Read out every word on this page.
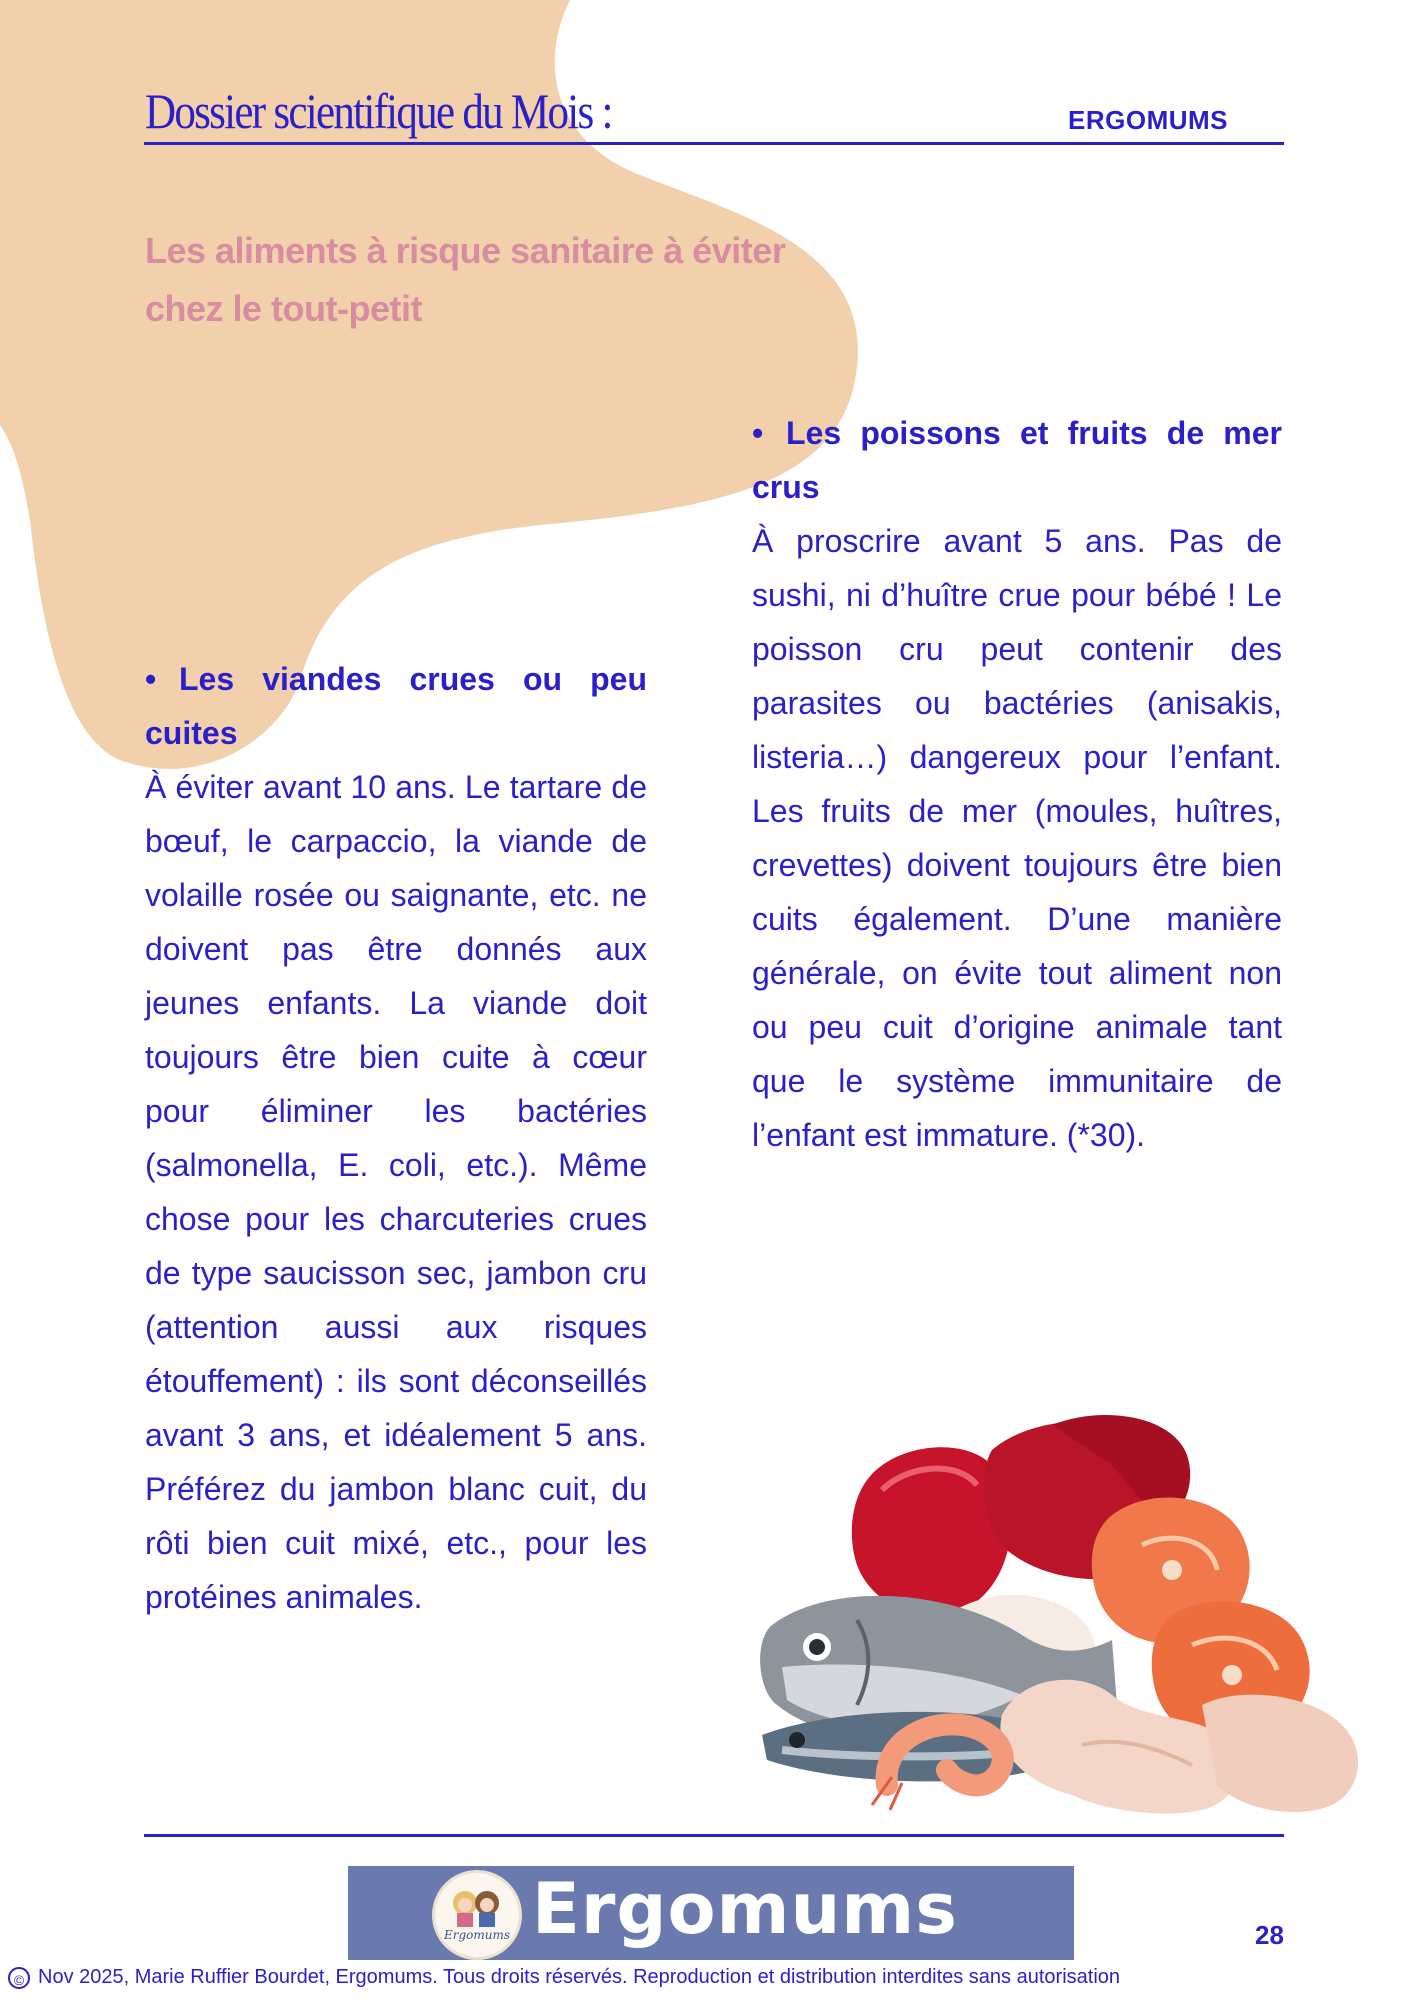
Dossier scientifique du Mois :	ERGOMUMS
Les aliments à risque sanitaire à éviter
chez le tout-petit
• Les poissons et fruits de mer crus
À proscrire avant 5 ans. Pas de sushi, ni d’huître crue pour bébé ! Le poisson cru peut contenir des parasites ou bactéries (anisakis, listeria…) dangereux pour l’enfant. Les fruits de mer (moules, huîtres, crevettes) doivent toujours être bien cuits également. D’une manière générale, on évite tout aliment non ou peu cuit d’origine animale tant que le système immunitaire de l’enfant est immature. (*30).
• Les viandes crues ou peu cuites
À éviter avant 10 ans. Le tartare de bœuf, le carpaccio, la viande de volaille rosée ou saignante, etc. ne doivent pas être donnés aux jeunes enfants. La viande doit toujours être bien cuite à cœur pour éliminer les bactéries (salmonella, E. coli, etc.). Même chose pour les charcuteries crues de type saucisson sec, jambon cru (attention aussi aux risques étouffement) : ils sont déconseillés avant 3 ans, et idéalement 5 ans. Préférez du jambon blanc cuit, du rôti bien cuit mixé, etc., pour les protéines animales.
Ergomums Ergomums	28
© Nov 2025, Marie Ruffier Bourdet, Ergomums. Tous droits réservés. Reproduction et distribution interdites sans autorisation
